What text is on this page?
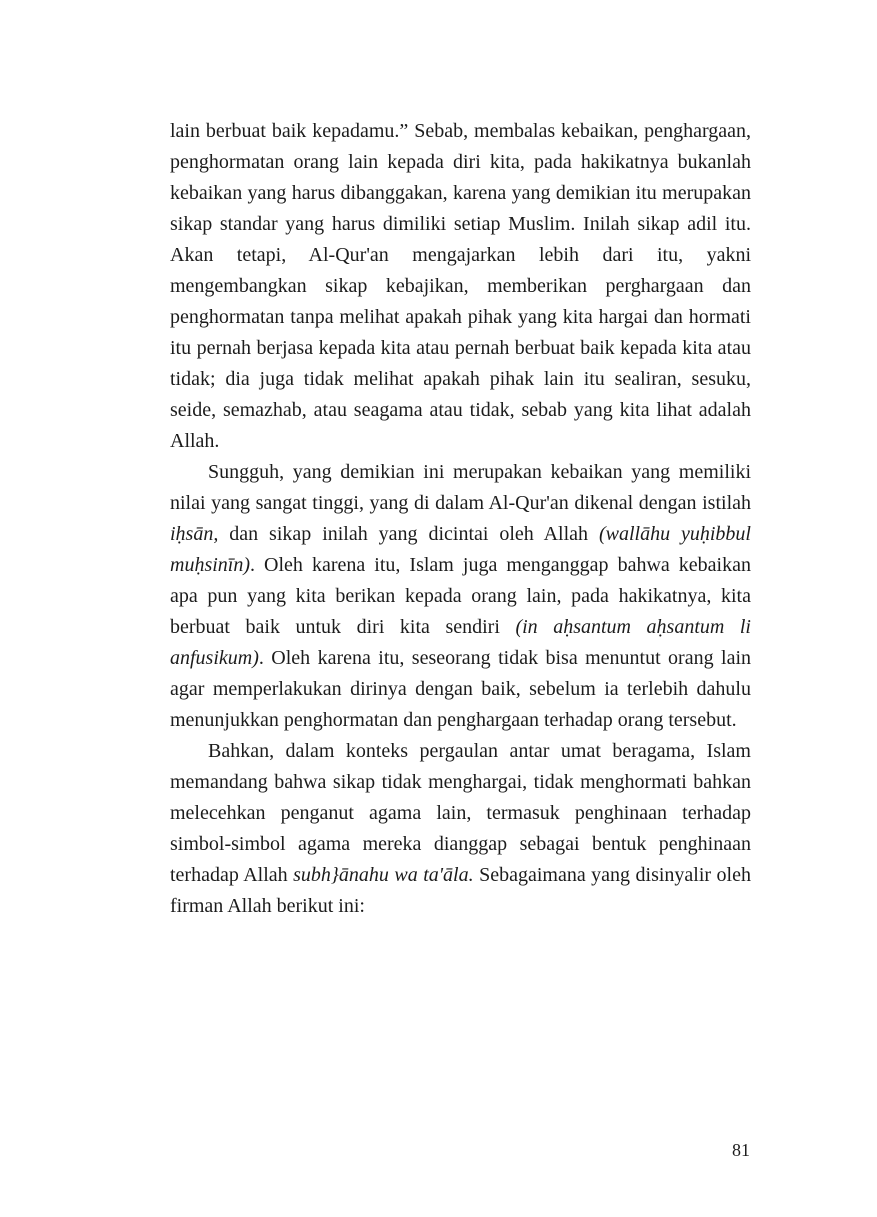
lain berbuat baik kepadamu.” Sebab, membalas kebaikan, penghargaan, penghormatan orang lain kepada diri kita, pada hakikatnya bukanlah kebaikan yang harus dibanggakan, karena yang demikian itu merupakan sikap standar yang harus dimiliki setiap Muslim. Inilah sikap adil itu. Akan tetapi, Al-Qur'an mengajarkan lebih dari itu, yakni mengembangkan sikap kebajikan, memberikan perghargaan dan penghormatan tanpa melihat apakah pihak yang kita hargai dan hormati itu pernah berjasa kepada kita atau pernah berbuat baik kepada kita atau tidak; dia juga tidak melihat apakah pihak lain itu sealiran, sesuku, seide, semazhab, atau seagama atau tidak, sebab yang kita lihat adalah Allah.

Sungguh, yang demikian ini merupakan kebaikan yang memiliki nilai yang sangat tinggi, yang di dalam Al-Qur'an dikenal dengan istilah iḥsān, dan sikap inilah yang dicintai oleh Allah (wallāhu yuḥibbul muḥsinīn). Oleh karena itu, Islam juga menganggap bahwa kebaikan apa pun yang kita berikan kepada orang lain, pada hakikatnya, kita berbuat baik untuk diri kita sendiri (in aḥsantum aḥsantum li anfusikum). Oleh karena itu, seseorang tidak bisa menuntut orang lain agar memperlakukan dirinya dengan baik, sebelum ia terlebih dahulu menunjukkan penghormatan dan penghargaan terhadap orang tersebut.

Bahkan, dalam konteks pergaulan antar umat beragama, Islam memandang bahwa sikap tidak menghargai, tidak menghormati bahkan melecehkan penganut agama lain, termasuk penghinaan terhadap simbol-simbol agama mereka dianggap sebagai bentuk penghinaan terhadap Allah subh}ānahu wa ta'āla. Sebagaimana yang disinyalir oleh firman Allah berikut ini:

81
